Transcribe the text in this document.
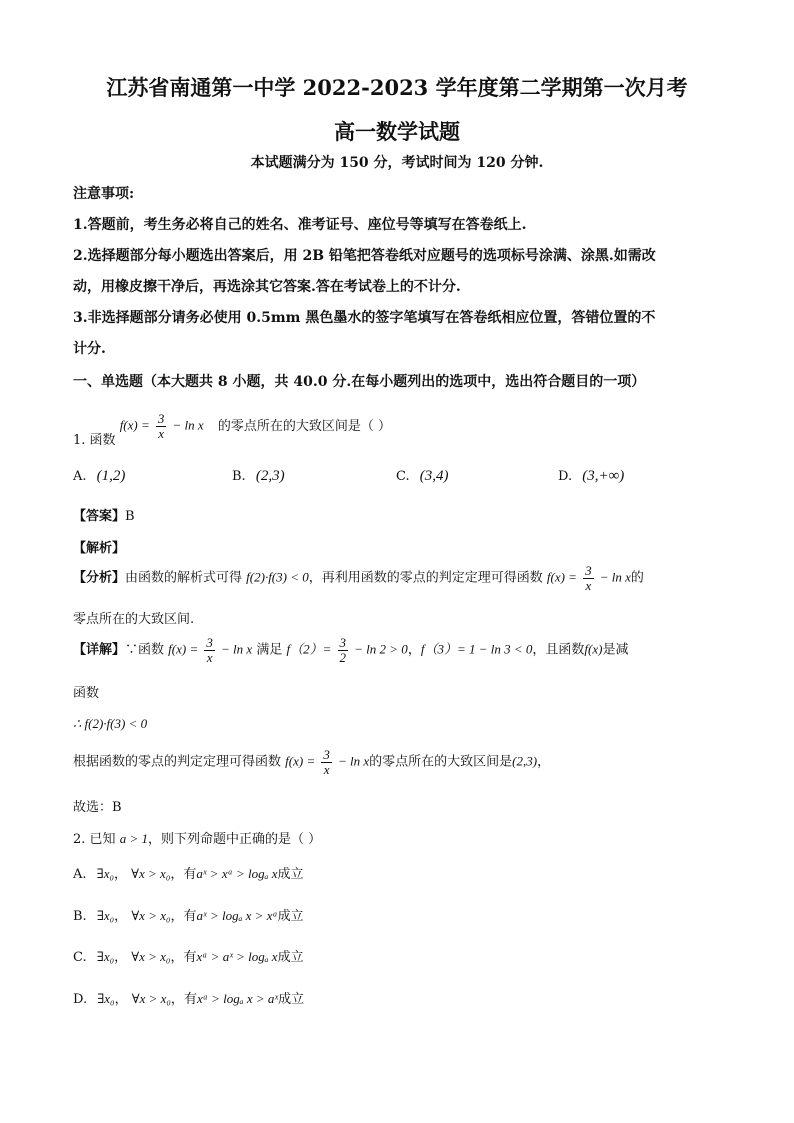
江苏省南通第一中学 2022-2023 学年度第二学期第一次月考
高一数学试题
本试题满分为 150 分，考试时间为 120 分钟.
注意事项:
1.答题前，考生务必将自己的姓名、准考证号、座位号等填写在答卷纸上.
2.选择题部分每小题选出答案后，用 2B 铅笔把答卷纸对应题号的选项标号涂满、涂黑.如需改
动，用橡皮擦干净后，再选涂其它答案.答在考试卷上的不计分.
3.非选择题部分请务必使用 0.5mm 黑色墨水的签字笔填写在答卷纸相应位置，答错位置的不
计分.
一、单选题（本大题共 8 小题，共 40.0 分.在每小题列出的选项中，选出符合题目的一项）
1. 函数 $f(x) = \frac{3}{x} - \ln x$ 的零点所在的大致区间是（ ）
A. (1,2)	B. (2,3)	C. (3,4)	D. (3,+∞)
【答案】B
【解析】
【分析】由函数的解析式可得 f(2)·f(3) < 0，再利用函数的零点的判定定理可得函数 $f(x) = \frac{3}{x} - \ln x$的
零点所在的大致区间.
【详解】∵函数 $f(x) = \frac{3}{x} - \ln x$ 满足 $f(2)= \frac{3}{2} - \ln 2 > 0$，f（3）= 1 − ln 3 < 0，且函数f(x)是减
函数
∴ f(2)·f(3) < 0
根据函数的零点的判定定理可得函数 $f(x) = \frac{3}{x} - \ln x$的零点所在的大致区间是(2,3)，
故选：B
2. 已知 a > 1，则下列命题中正确的是（ ）
A. ∃x₀， ∀x > x₀，有aˣ > xᵃ > logₐ x成立
B. ∃x₀， ∀x > x₀，有aˣ > logₐ x > xᵃ成立
C. ∃x₀， ∀x > x₀，有xᵃ > aˣ > logₐ x成立
D. ∃x₀， ∀x > x₀，有xᵃ > logₐ x > aˣ成立
